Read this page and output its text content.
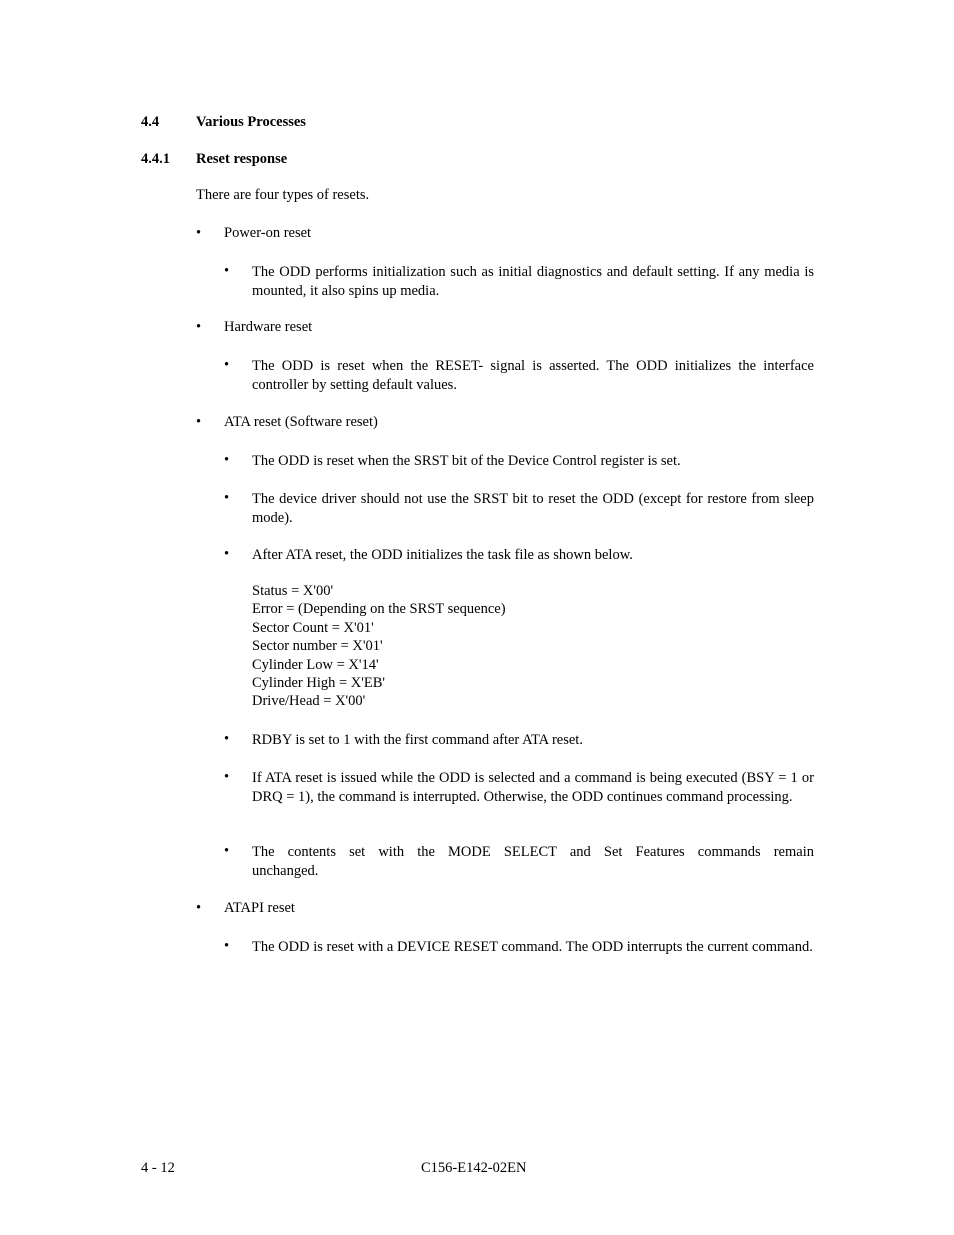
4.4	Various Processes
4.4.1 Reset response
There are four types of resets.
• Power-on reset
• The ODD performs initialization such as initial diagnostics and default setting. If any media is mounted, it also spins up media.
• Hardware reset
• The ODD is reset when the RESET- signal is asserted. The ODD initializes the interface controller by setting default values.
• ATA reset (Software reset)
• The ODD is reset when the SRST bit of the Device Control register is set.
• The device driver should not use the SRST bit to reset the ODD (except for restore from sleep mode).
• After ATA reset, the ODD initializes the task file as shown below.
Status = X'00'
Error = (Depending on the SRST sequence)
Sector Count = X'01'
Sector number = X'01'
Cylinder Low = X'14'
Cylinder High = X'EB'
Drive/Head = X'00'
• RDBY is set to 1 with the first command after ATA reset.
• If ATA reset is issued while the ODD is selected and a command is being executed (BSY = 1 or DRQ = 1), the command is interrupted. Otherwise, the ODD continues command processing.
• The contents set with the MODE SELECT and Set Features commands remain unchanged.
• ATAPI reset
• The ODD is reset with a DEVICE RESET command. The ODD interrupts the current command.
4 - 12	C156-E142-02EN
